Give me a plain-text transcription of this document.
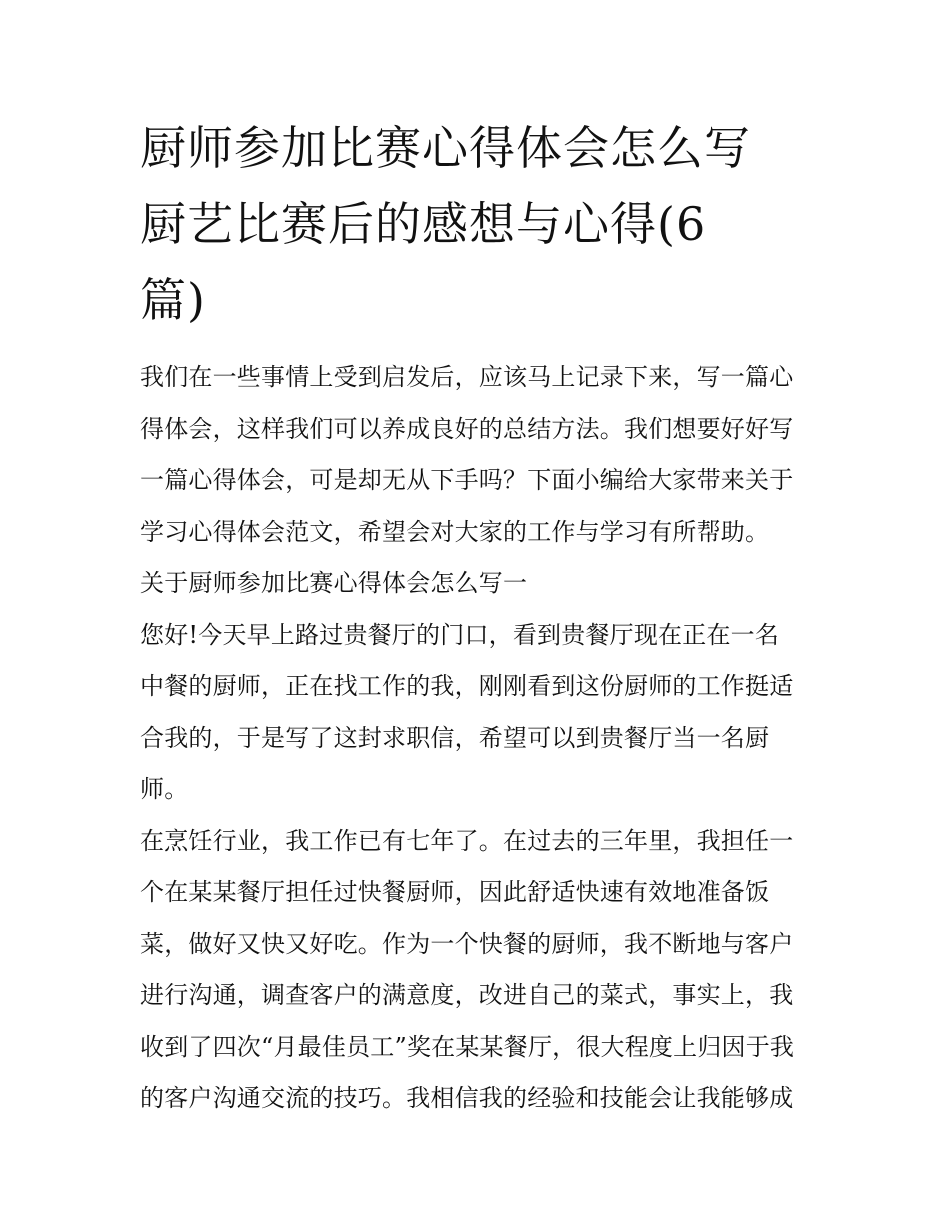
厨师参加比赛心得体会怎么写
厨艺比赛后的感想与心得(6
篇)

我们在一些事情上受到启发后，应该马上记录下来，写一篇心
得体会，这样我们可以养成良好的总结方法。我们想要好好写
一篇心得体会，可是却无从下手吗？下面小编给大家带来关于
学习心得体会范文，希望会对大家的工作与学习有所帮助。

关于厨师参加比赛心得体会怎么写一

您好!今天早上路过贵餐厅的门口，看到贵餐厅现在正在一名
中餐的厨师，正在找工作的我，刚刚看到这份厨师的工作挺适
合我的，于是写了这封求职信，希望可以到贵餐厅当一名厨
师。

在烹饪行业，我工作已有七年了。在过去的三年里，我担任一
个在某某餐厅担任过快餐厨师，因此舒适快速有效地准备饭
菜，做好又快又好吃。作为一个快餐的厨师，我不断地与客户
进行沟通，调查客户的满意度，改进自己的菜式，事实上，我
收到了四次“月最佳员工”奖在某某餐厅，很大程度上归因于我
的客户沟通交流的技巧。我相信我的经验和技能会让我能够成
